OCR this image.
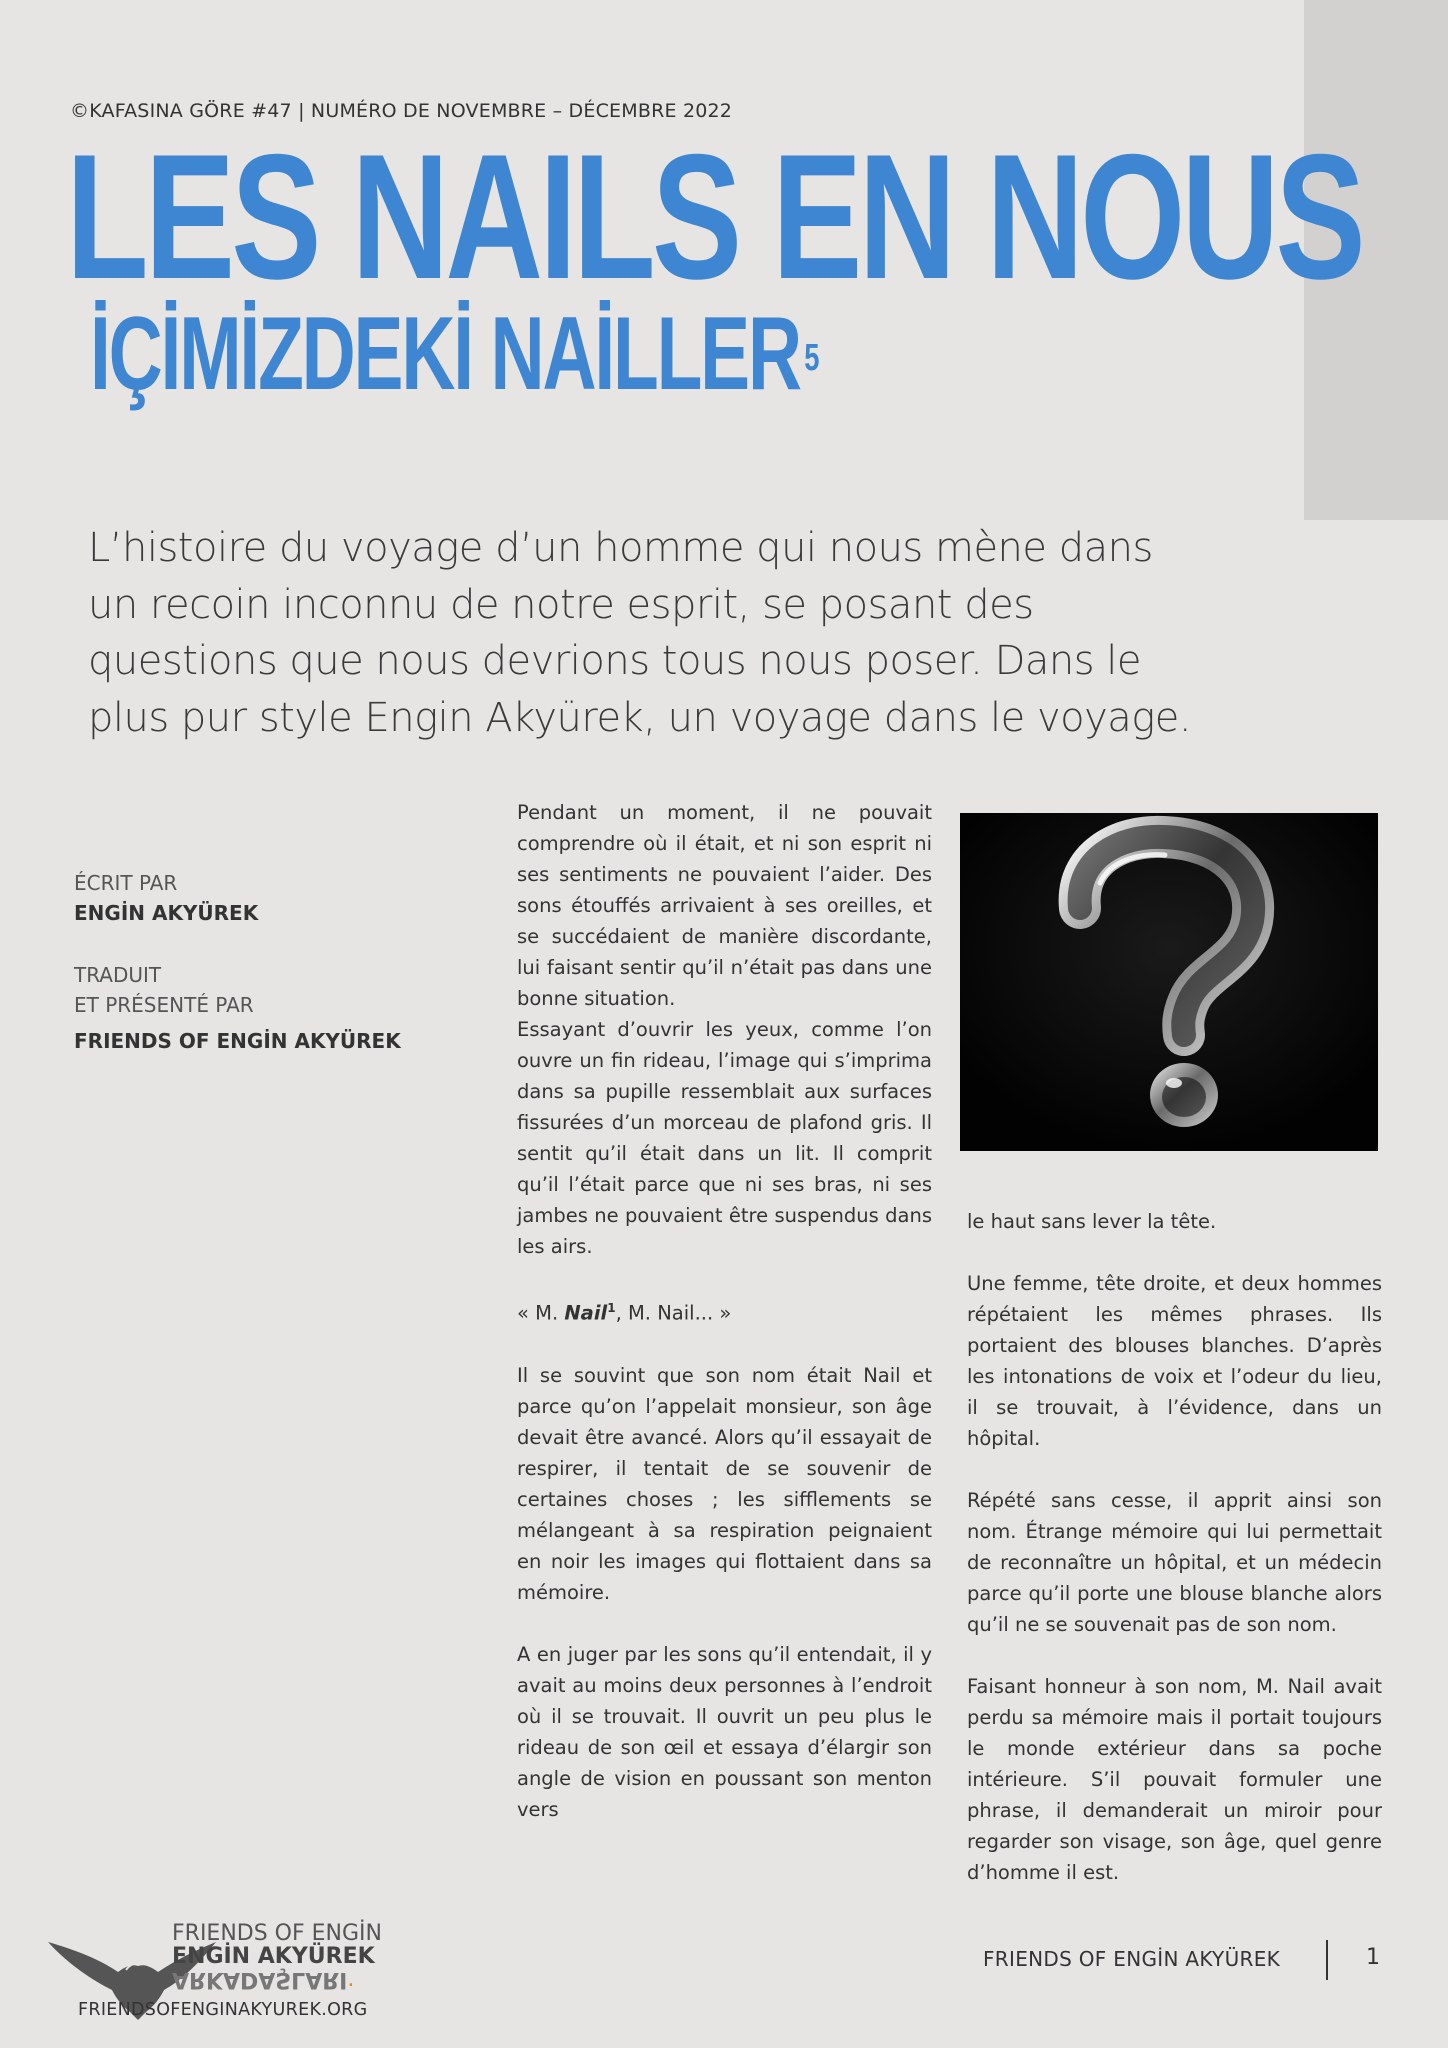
©KAFASINA GÖRE #47 | NUMÉRO DE NOVEMBRE – DÉCEMBRE 2022
LES NAILS EN NOUS
İÇİMİZDEKİ NAİLLER $^5$

L’histoire du voyage d’un homme qui nous mène dans un recoin inconnu de notre esprit, se posant des questions que nous devrions tous nous poser. Dans le plus pur style Engin Akyürek, un voyage dans le voyage.

ÉCRIT PAR
ENGİN AKYÜREK
TRADUIT
ET PRÉSENTÉ PAR
FRIENDS OF ENGİN AKYÜREK

Pendant un moment, il ne pouvait comprendre où il était, et ni son esprit ni ses sentiments ne pouvaient l’aider. Des sons étouffés arrivaient à ses oreilles, et se succédaient de manière discordante, lui faisant sentir qu’il n’était pas dans une bonne situation.

Essayant d’ouvrir les yeux, comme l’on ouvre un fin rideau, l’image qui s’imprima dans sa pupille ressemblait aux surfaces fissurées d’un morceau de plafond gris. Il sentit qu’il était dans un lit. Il comprit qu’il l’était parce que ni ses bras, ni ses jambes ne pouvaient être suspendus dans les airs.

« M. Nail$^1$, M. Nail... »

Il se souvint que son nom était Nail et parce qu’on l’appelait monsieur, son âge devait être avancé. Alors qu’il essayait de respirer, il tentait de se souvenir de certaines choses ; les sifflements se mélangeant à sa respiration peignaient en noir les images qui flottaient dans sa mémoire.

A en juger par les sons qu’il entendait, il y avait au moins deux personnes à l’endroit où il se trouvait. Il ouvrit un peu plus le rideau de son œil et essaya d’élargir son angle de vision en poussant son menton vers

le haut sans lever la tête.

Une femme, tête droite, et deux hommes répétaient les mêmes phrases. Ils portaient des blouses blanches. D’après les intonations de voix et l’odeur du lieu, il se trouvait, à l’évidence, dans un hôpital.

Répété sans cesse, il apprit ainsi son nom. Étrange mémoire qui lui permettait de reconnaître un hôpital, et un médecin parce qu’il porte une blouse blanche alors qu’il ne se souvenait pas de son nom.

Faisant honneur à son nom, M. Nail avait perdu sa mémoire mais il portait toujours le monde extérieur dans sa poche intérieure. S’il pouvait formuler une phrase, il demanderait un miroir pour regarder son visage, son âge, quel genre d’homme il est.

FRIENDS OF ENGİN
ENGİN AKYÜREK
ARKADAŞLARI.
FRIENDSOFENGINAKYUREK.ORG
FRIENDS OF ENGİN AKYÜREK	1
